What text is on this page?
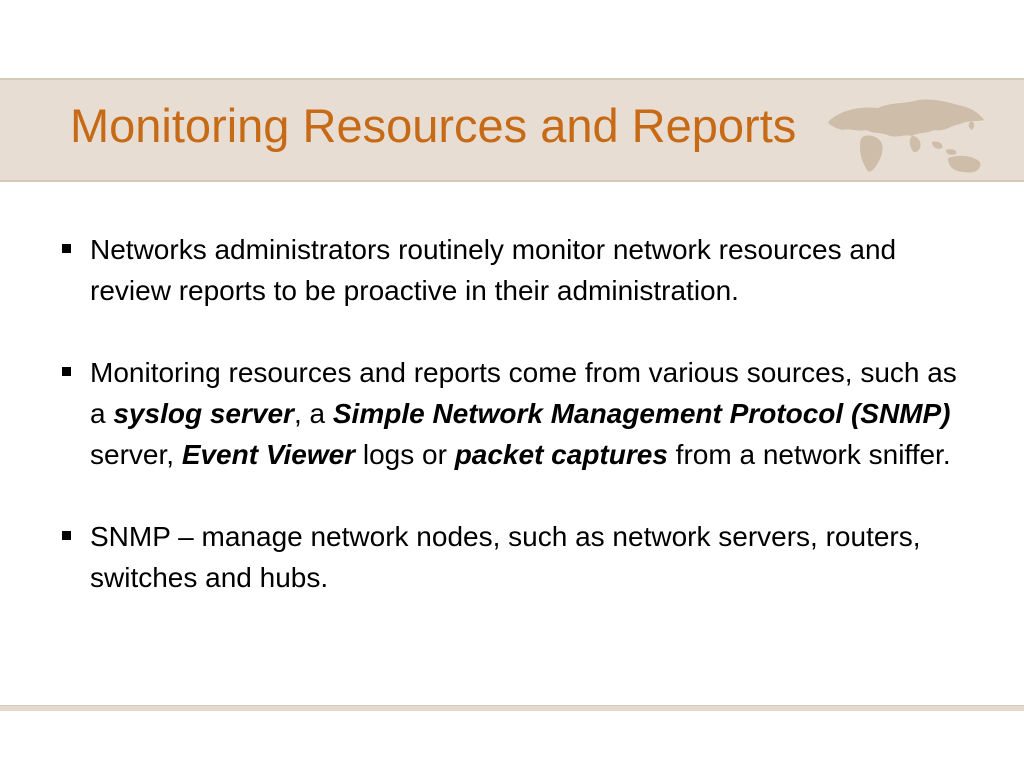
Monitoring Resources and Reports
Networks administrators routinely monitor network resources and review reports to be proactive in their administration.
Monitoring resources and reports come from various sources, such as a syslog server, a Simple Network Management Protocol (SNMP) server, Event Viewer logs or packet captures from a network sniffer.
SNMP – manage network nodes, such as network servers, routers, switches and hubs.
